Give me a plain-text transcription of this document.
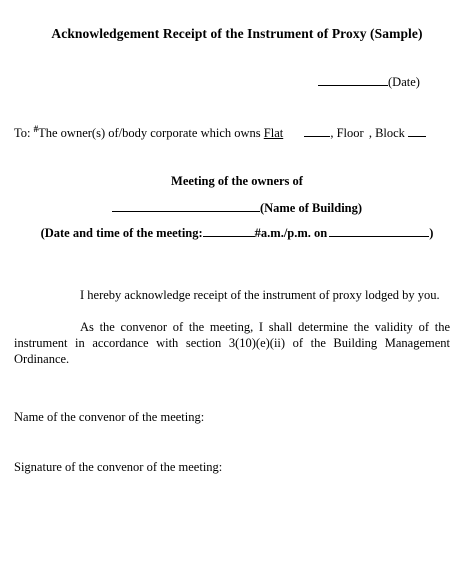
Acknowledgement Receipt of the Instrument of Proxy (Sample)
(Date)
To: #The owner(s) of/body corporate which owns Flat	, Floor , Block
Meeting of the owners of
(Name of Building)
(Date and time of the meeting:	#a.m./p.m. on	)
I hereby acknowledge receipt of the instrument of proxy lodged by you.
As the convenor of the meeting, I shall determine the validity of the instrument in accordance with section 3(10)(e)(ii) of the Building Management Ordinance.
Name of the convenor of the meeting:
Signature of the convenor of the meeting:
